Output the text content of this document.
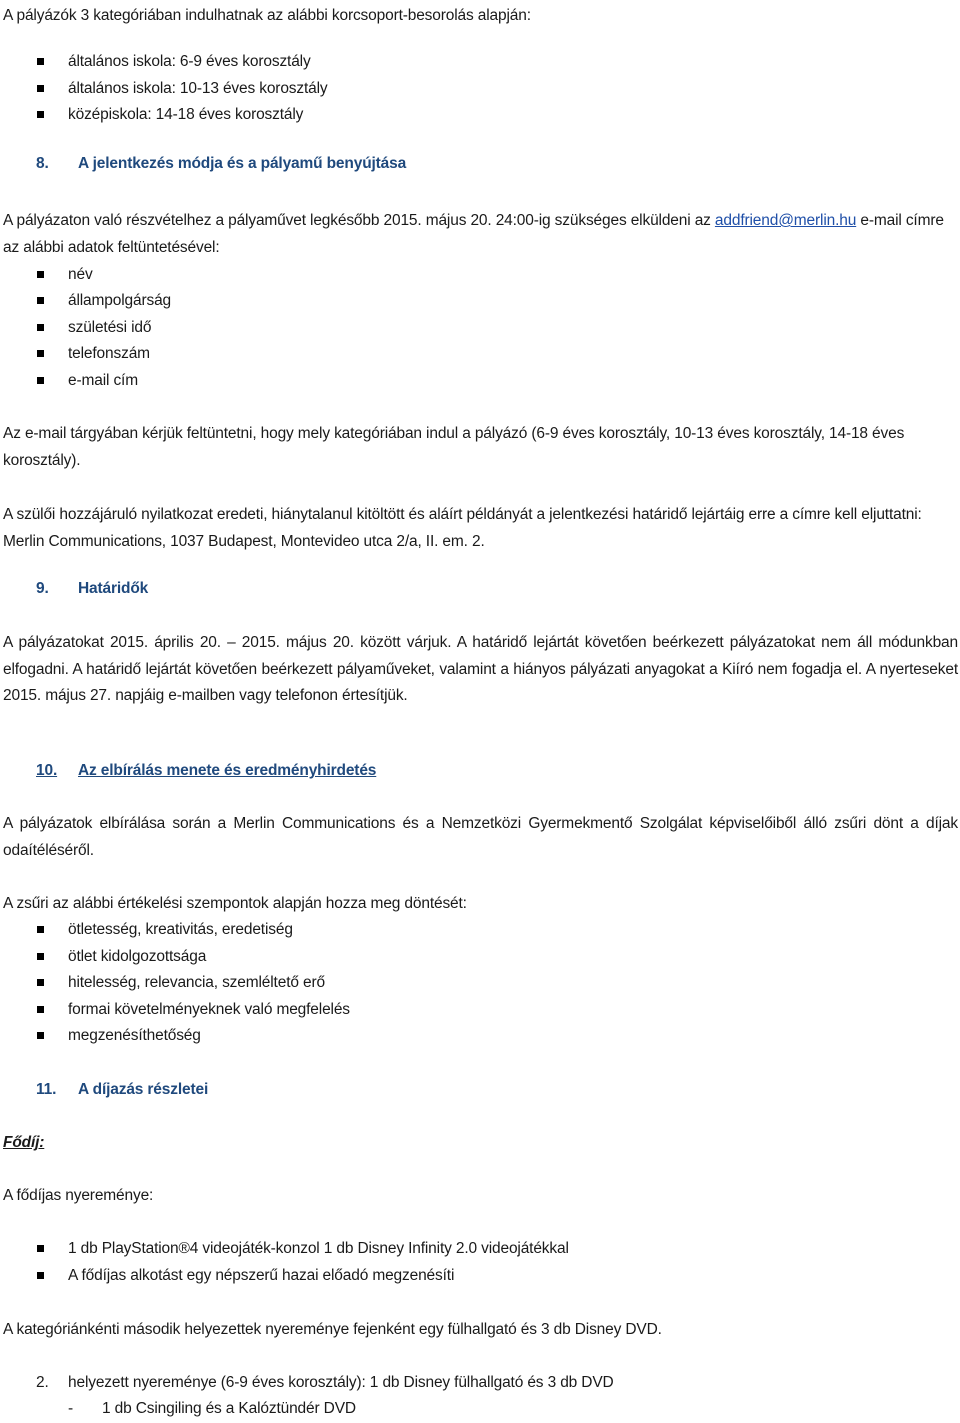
A pályázók 3 kategóriában indulhatnak az alábbi korcsoport-besorolás alapján:

általános iskola: 6-9 éves korosztály
általános iskola: 10-13 éves korosztály
középiskola: 14-18 éves korosztály
8. A jelentkezés módja és a pályamű benyújtása

A pályázaton való részvételhez a pályaművet legkésőbb 2015. május 20. 24:00-ig szükséges elküldeni az addfriend@merlin.hu e-mail címre az alábbi adatok feltüntetésével:

név
állampolgárság
születési idő
telefonszám
e-mail cím

Az e-mail tárgyában kérjük feltüntetni, hogy mely kategóriában indul a pályázó (6-9 éves korosztály, 10-13 éves korosztály, 14-18 éves korosztály).

A szülői hozzájáruló nyilatkozat eredeti, hiánytalanul kitöltött és aláírt példányát a jelentkezési határidő lejártáig erre a címre kell eljuttatni: Merlin Communications, 1037 Budapest, Montevideo utca 2/a, II. em. 2.

9. Határidők

A pályázatokat 2015. április 20. – 2015. május 20. között várjuk. A határidő lejártát követően beérkezett pályázatokat nem áll módunkban elfogadni. A határidő lejártát követően beérkezett pályaműveket, valamint a hiányos pályázati anyagokat a Kiíró nem fogadja el. A nyerteseket 2015. május 27. napjáig e-mailben vagy telefonon értesítjük.

10. Az elbírálás menete és eredményhirdetés

A pályázatok elbírálása során a Merlin Communications és a Nemzetközi Gyermekmentő Szolgálat képviselőiből álló zsűri dönt a díjak odaítéléséről.

A zsűri az alábbi értékelési szempontok alapján hozza meg döntését:

ötletesség, kreativitás, eredetiség
ötlet kidolgozottsága
hitelesség, relevancia, szemléltető erő
formai követelményeknek való megfelelés
megzenésíthetőség
11. A díjazás részletei

Fődíj:

A fődíjas nyereménye:

1 db PlayStation®4 videojáték-konzol 1 db Disney Infinity 2.0 videojátékkal
A fődíjas alkotást egy népszerű hazai előadó megzenésíti

A kategóriánkénti második helyezettek nyereménye fejenként egy fülhallgató és 3 db Disney DVD.

2. helyezett nyereménye (6-9 éves korosztály): 1 db Disney fülhallgató és 3 db DVD
- 1 db Csingiling és a Kalóztündér DVD
